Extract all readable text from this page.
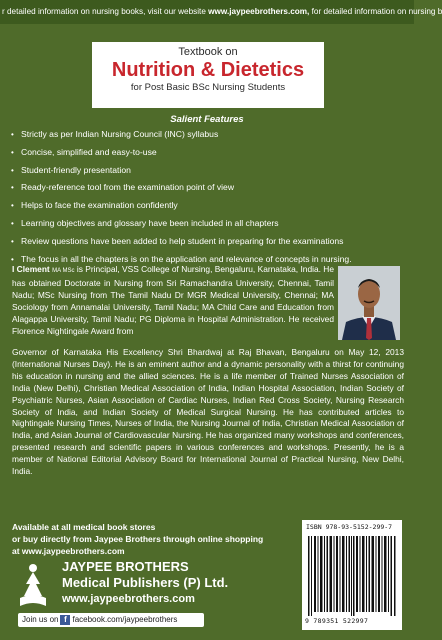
r detailed information on nursing books, visit our website www.jaypeebrothers.com, for detailed information on nursing b
Textbook on
Nutrition & Dietetics
for Post Basic BSc Nursing Students
Salient Features
• Strictly as per Indian Nursing Council (INC) syllabus
• Concise, simplified and easy-to-use
• Student-friendly presentation
• Ready-reference tool from the examination point of view
• Helps to face the examination confidently
• Learning objectives and glossary have been included in all chapters
• Review questions have been added to help student in preparing for the examinations
• The focus in all the chapters is on the application and relevance of concepts in nursing.
I Clement MA MSc is Principal, VSS College of Nursing, Bengaluru, Karnataka, India. He has obtained Doctorate in Nursing from Sri Ramachandra University, Chennai, Tamil Nadu; MSc Nursing from The Tamil Nadu Dr MGR Medical University, Chennai; MA Sociology from Annamalai University, Tamil Nadu; MA Child Care and Education from Alagappa University, Tamil Nadu; PG Diploma in Hospital Administration. He received Florence Nightingale Award from
Governor of Karnataka His Excellency Shri Bhardwaj at Raj Bhavan, Bengaluru on May 12, 2013 (International Nurses Day). He is an eminent author and a dynamic personality with a thirst for continuing his education in nursing and the allied sciences. He is a life member of Trained Nurses Association of India (New Delhi), Christian Medical Association of India, Indian Hospital Association, Indian Society of Psychiatric Nurses, Asian Association of Cardiac Nurses, Indian Red Cross Society, Nursing Research Society of India, and Indian Society of Medical Surgical Nursing. He has contributed articles to Nightingale Nursing Times, Nurses of India, the Nursing Journal of India, Christian Medical Association of India, and Asian Journal of Cardiovascular Nursing. He has organized many workshops and conferences, presented research and scientific papers in various conferences and workshops. Presently, he is a member of National Editorial Advisory Board for International Journal of Practical Nursing, New Delhi, India.
Available at all medical book stores
or buy directly from Jaypee Brothers through online shopping
at www.jaypeebrothers.com
JAYPEE BROTHERS
Medical Publishers (P) Ltd.
www.jaypeebrothers.com
Join us on f facebook.com/jaypeebrothers
ISBN 978-93-5152-299-7
9 789351 522997
